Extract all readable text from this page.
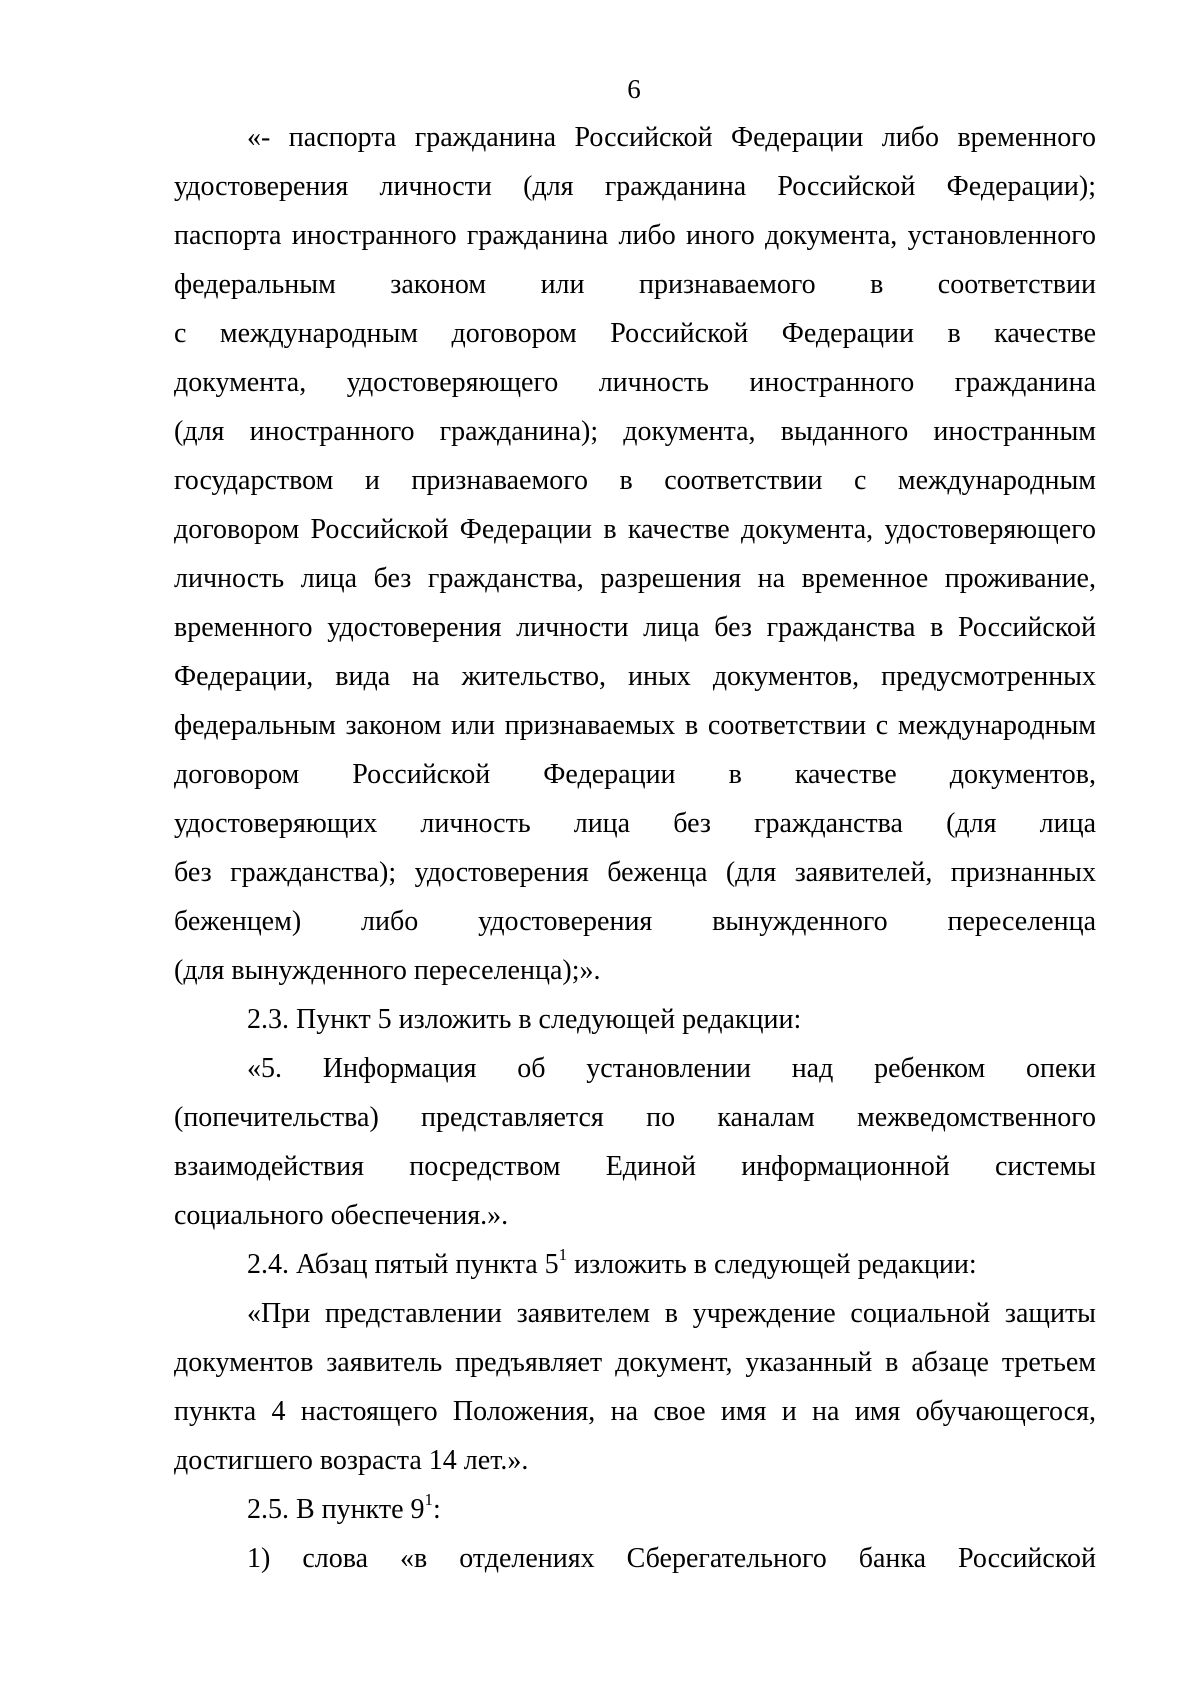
6
«- паспорта гражданина Российской Федерации либо временного
удостоверения личности (для гражданина Российской Федерации);
паспорта иностранного гражданина либо иного документа, установленного
федеральным законом или признаваемого в соответствии
с международным договором Российской Федерации в качестве
документа, удостоверяющего личность иностранного гражданина
(для иностранного гражданина); документа, выданного иностранным
государством и признаваемого в соответствии с международным
договором Российской Федерации в качестве документа, удостоверяющего
личность лица без гражданства, разрешения на временное проживание,
временного удостоверения личности лица без гражданства в Российской
Федерации, вида на жительство, иных документов, предусмотренных
федеральным законом или признаваемых в соответствии с международным
договором Российской Федерации в качестве документов,
удостоверяющих личность лица без гражданства (для лица
без гражданства); удостоверения беженца (для заявителей, признанных
беженцем) либо удостоверения вынужденного переселенца
(для вынужденного переселенца);».
2.3. Пункт 5 изложить в следующей редакции:
«5. Информация об установлении над ребенком опеки
(попечительства) представляется по каналам межведомственного
взаимодействия посредством Единой информационной системы
социального обеспечения.».
2.4. Абзац пятый пункта $5^1$ изложить в следующей редакции:
«При представлении заявителем в учреждение социальной защиты
документов заявитель предъявляет документ, указанный в абзаце третьем
пункта 4 настоящего Положения, на свое имя и на имя обучающегося,
достигшего возраста 14 лет.».
2.5. В пункте $9^1$:
1) слова «в отделениях Сберегательного банка Российской
